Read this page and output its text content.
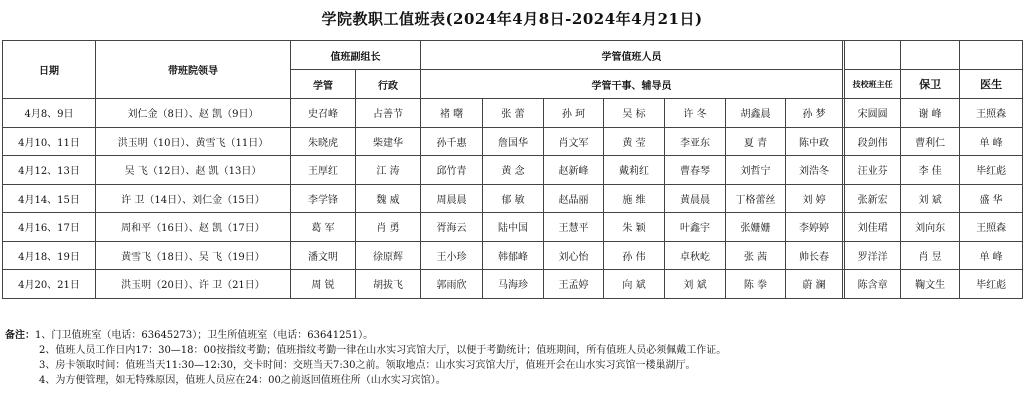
学院教职工值班表(2024年4月8日-2024年4月21日)
日期	带班院领导	值班副组长		学管值班人员										
		学管	行政	学管干事、辅导员								技校班主任	保卫	医生
4月8、9日	刘仁金（8日）、赵 凯（9日）	史召峰	占善节	褚 曙	张 蕾	孙 珂	吴 标	许 冬	胡鑫晨	孙 梦		宋圆圆	谢 峰	王照森
4月10、11日	洪玉明（10日）、黄雪飞（11日）	朱晓虎	柴建华	孙千惠	詹国华	肖文军	黄 莹	李亚东	夏 青	陈中政		段剑伟	曹利仁	单 峰
4月12、13日	吴 飞（12日）、赵 凯（13日）	王厚红	江 涛	邱竹青	黄 念	赵新峰	戴莉红	曹春琴	刘哲宁	刘浩冬		汪业芬	李 佳	毕红彪
4月14、15日	许 卫（14日）、刘仁金（15日）	李学锋	魏 威	周晨晨	郁 敏	赵晶丽	施 维	黄晨晨	丁格蕾丝	刘 婷		张新宏	刘 斌	盛 华
4月16、17日	周和平（16日）、赵 凯（17日）	葛 军	肖 勇	胥海云	陆中国	王慧平	朱 颖	叶鑫宇	张姗姗	李婷婷		刘佳珺	刘向东	王照森
4月18、19日	黄雪飞（18日）、吴 飞（19日）	潘文明	徐原辉	王小珍	韩郁峰	刘心怡	孙 伟	卓秋屹	张 茜	帅长春		罗洋洋	肖 昱	单 峰
4月20、21日	洪玉明（20日）、许 卫（21日）	周 锐	胡拔飞	郭雨欣	马海珍	王孟婷	向 斌	刘 斌	陈 拳	蔚 澜		陈含章	鞠文生	毕红彪
备注：1、门卫值班室（电话：63645273）；卫生所值班室（电话：63641251）。
2、值班人员工作日内17：30—18：00按指纹考勤；值班指纹考勤一律在山水实习宾馆大厅，以便于考勤统计；值班期间，所有值班人员必须佩戴工作证。
3、房卡领取时间：值班当天11:30—12:30，交卡时间：交班当天7:30之前。领取地点：山水实习宾馆大厅，值班开会在山水实习宾馆一楼巢湖厅。
4、为方便管理，如无特殊原因，值班人员应在24：00之前返回值班住所（山水实习宾馆）。
